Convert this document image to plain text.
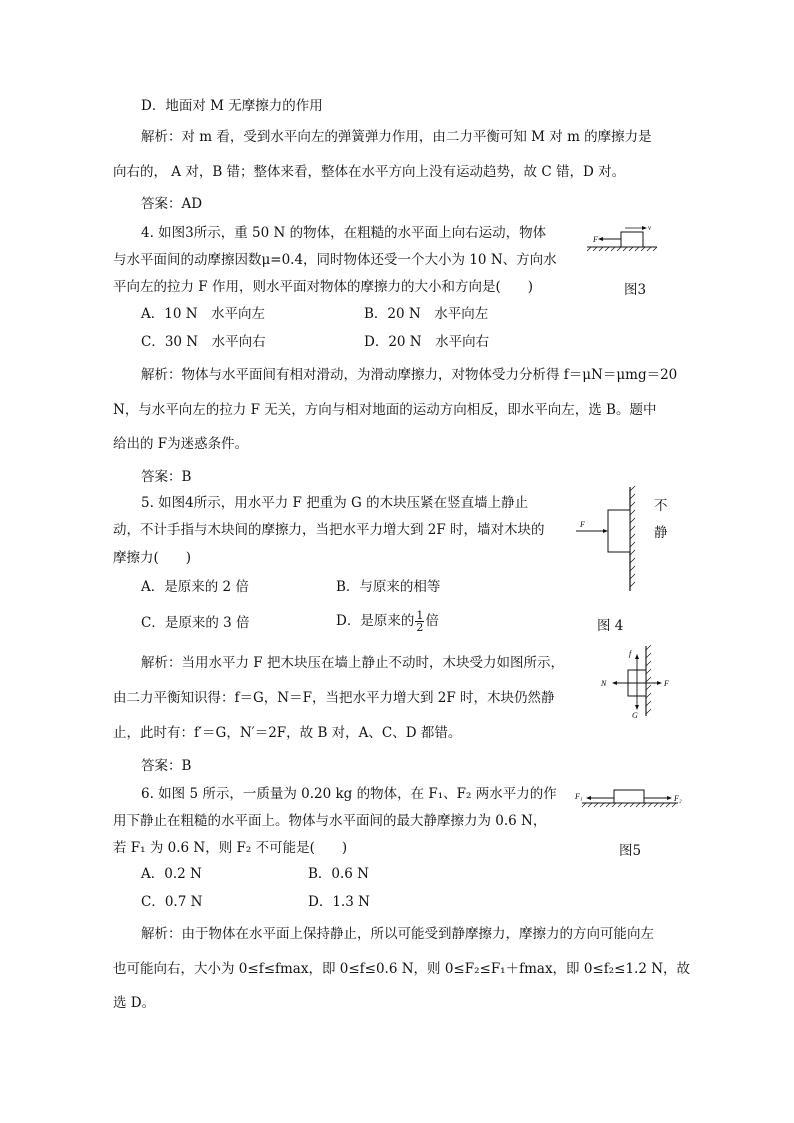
D．地面对 M 无摩擦力的作用
解析：对 m 看，受到水平向左的弹簧弹力作用，由二力平衡可知 M 对 m 的摩擦力是
向右的， A 对，B 错；整体来看，整体在水平方向上没有运动趋势，故 C 错，D 对。
答案：AD
4. 如图3所示，重 50 N 的物体，在粗糙的水平面上向右运动，物体
与水平面间的动摩擦因数μ=0.4，同时物体还受一个大小为 10 N、方向水
平向左的拉力 F 作用，则水平面对物体的摩擦力的大小和方向是(　　)	图3
F
v
A．10 N　水平向左	B．20 N　水平向左
C．30 N　水平向右	D．20 N　水平向右
解析：物体与水平面间有相对滑动，为滑动摩擦力，对物体受力分析得 f＝μN＝μmg＝20
N，与水平向左的拉力 F 无关，方向与相对地面的运动方向相反，即水平向左，选 B。题中
给出的 F为迷惑条件。
答案：B
5. 如图4所示，用水平力 F 把重为 G 的木块压紧在竖直墙上静止	不
动，不计手指与木块间的摩擦力，当把水平力增大到 2F 时，墙对木块的	静
摩擦力(　　)
F
A．是原来的 2 倍	B．与原来的相等
C．是原来的 3 倍	D．是原来的 $\frac{1}{2}$ 倍	图 4
解析：当用水平力 F 把木块压在墙上静止不动时，木块受力如图所示，
由二力平衡知识得：f＝G，N＝F，当把水平力增大到 2F 时，木块仍然静
止，此时有：f′＝G，N′＝2F，故 B 对，A、C、D 都错。
f
G
N	F
答案：B
6. 如图 5 所示，一质量为 0.20 kg 的物体，在 F₁、F₂ 两水平力的作
用下静止在粗糙的水平面上。物体与水平面间的最大静摩擦力为 0.6 N，
若 F₁ 为 0.6 N，则 F₂ 不可能是(　　)	图5
F₁	F₂
A．0.2 N	B．0.6 N
C．0.7 N	D．1.3 N
解析：由于物体在水平面上保持静止，所以可能受到静摩擦力，摩擦力的方向可能向左
也可能向右，大小为 0≤f≤fmax，即 0≤f≤0.6 N，则 0≤F₂≤F₁＋fmax，即 0≤f₂≤1.2 N，故
选 D。
